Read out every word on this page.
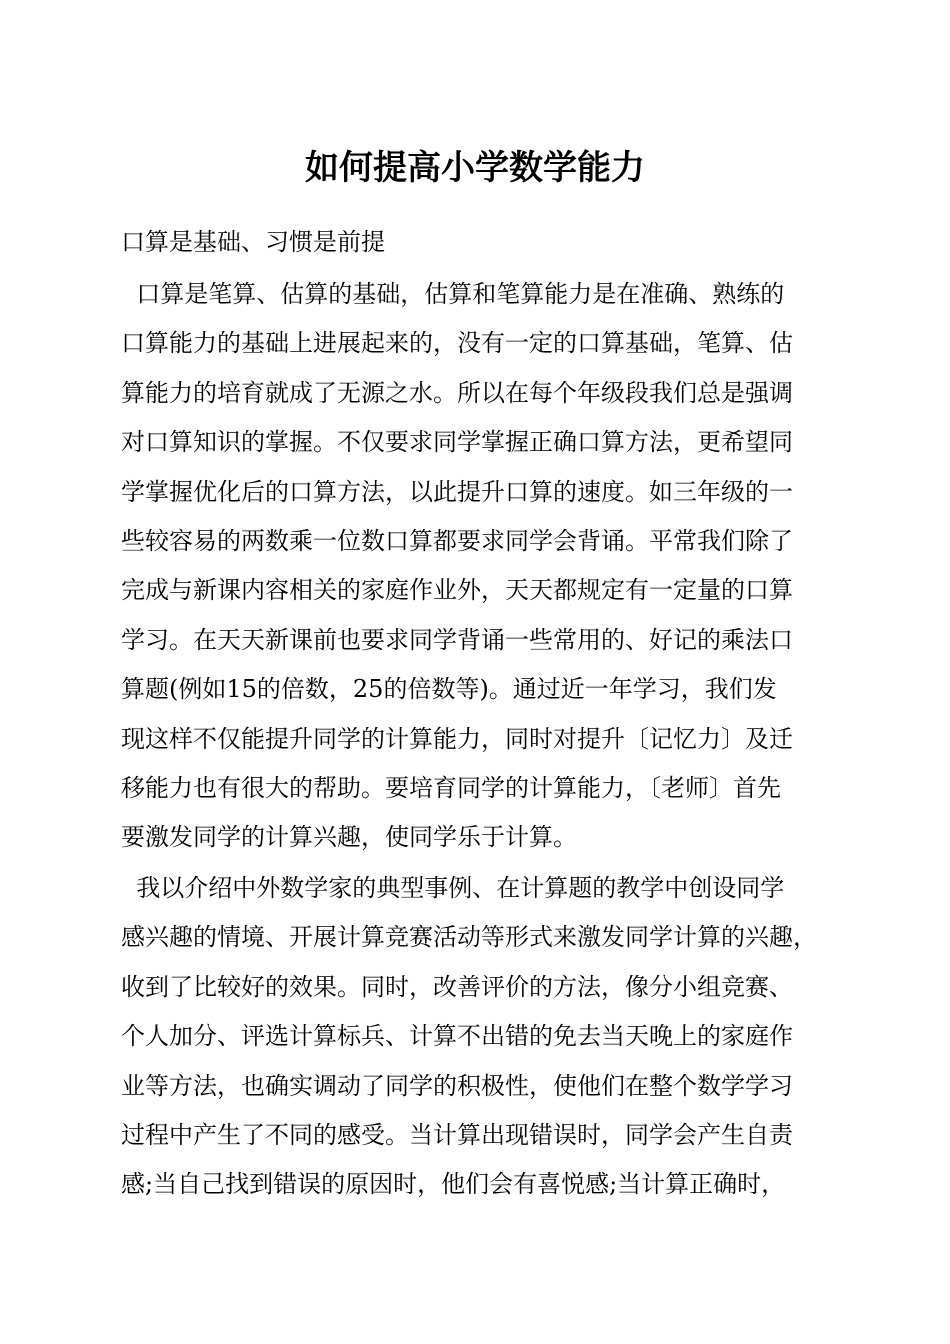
如何提高小学数学能力

口算是基础、习惯是前提

口算是笔算、估算的基础，估算和笔算能力是在准确、熟练的
口算能力的基础上进展起来的，没有一定的口算基础，笔算、估
算能力的培育就成了无源之水。所以在每个年级段我们总是强调
对口算知识的掌握。不仅要求同学掌握正确口算方法，更希望同
学掌握优化后的口算方法，以此提升口算的速度。如三年级的一
些较容易的两数乘一位数口算都要求同学会背诵。平常我们除了
完成与新课内容相关的家庭作业外，天天都规定有一定量的口算
学习。在天天新课前也要求同学背诵一些常用的、好记的乘法口
算题(例如15的倍数，25的倍数等)。通过近一年学习，我们发
现这样不仅能提升同学的计算能力，同时对提升〔记忆力〕及迁
移能力也有很大的帮助。要培育同学的计算能力，〔老师〕首先
要激发同学的计算兴趣，使同学乐于计算。
我以介绍中外数学家的典型事例、在计算题的教学中创设同学
感兴趣的情境、开展计算竞赛活动等形式来激发同学计算的兴趣，
收到了比较好的效果。同时，改善评价的方法，像分小组竞赛、
个人加分、评选计算标兵、计算不出错的免去当天晚上的家庭作
业等方法，也确实调动了同学的积极性，使他们在整个数学学习
过程中产生了不同的感受。当计算出现错误时，同学会产生自责
感;当自己找到错误的原因时，他们会有喜悦感;当计算正确时，
